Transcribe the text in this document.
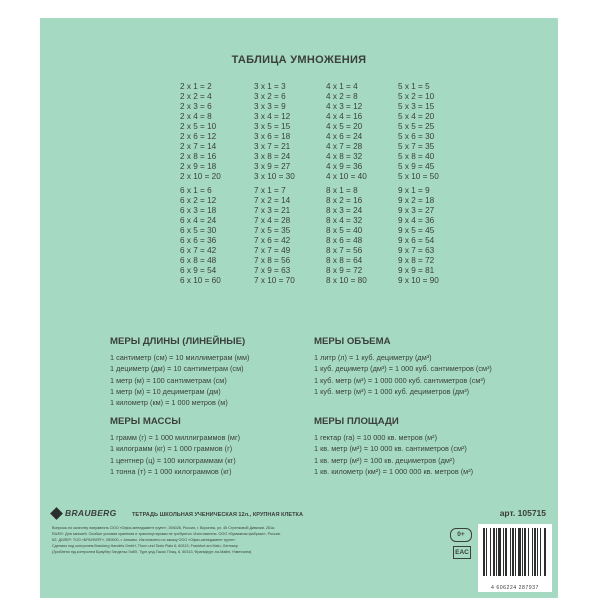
ТАБЛИЦА УМНОЖЕНИЯ
2 x 1 = 2
2 x 2 = 4
2 x 3 = 6
2 x 4 = 8
2 x 5 = 10
2 x 6 = 12
2 x 7 = 14
2 x 8 = 16
2 x 9 = 18
2 x 10 = 20
3 x 1 = 3
3 x 2 = 6
3 x 3 = 9
3 x 4 = 12
3 x 5 = 15
3 x 6 = 18
3 x 7 = 21
3 x 8 = 24
3 x 9 = 27
3 x 10 = 30
4 x 1 = 4
4 x 2 = 8
4 x 3 = 12
4 x 4 = 16
4 x 5 = 20
4 x 6 = 24
4 x 7 = 28
4 x 8 = 32
4 x 9 = 36
4 x 10 = 40
5 x 1 = 5
5 x 2 = 10
5 x 3 = 15
5 x 4 = 20
5 x 5 = 25
5 x 6 = 30
5 x 7 = 35
5 x 8 = 40
5 x 9 = 45
5 x 10 = 50
6 x 1 = 6
6 x 2 = 12
6 x 3 = 18
6 x 4 = 24
6 x 5 = 30
6 x 6 = 36
6 x 7 = 42
6 x 8 = 48
6 x 9 = 54
6 x 10 = 60
7 x 1 = 7
7 x 2 = 14
7 x 3 = 21
7 x 4 = 28
7 x 5 = 35
7 x 6 = 42
7 x 7 = 49
7 x 8 = 56
7 x 9 = 63
7 x 10 = 70
8 x 1 = 8
8 x 2 = 16
8 x 3 = 24
8 x 4 = 32
8 x 5 = 40
8 x 6 = 48
8 x 7 = 56
8 x 8 = 64
8 x 9 = 72
8 x 10 = 80
9 x 1 = 9
9 x 2 = 18
9 x 3 = 27
9 x 4 = 36
9 x 5 = 45
9 x 6 = 54
9 x 7 = 63
9 x 8 = 72
9 x 9 = 81
9 x 10 = 90
МЕРЫ ДЛИНЫ (ЛИНЕЙНЫЕ)
1 сантиметр (см) = 10 миллиметрам (мм)
1 дециметр (дм) = 10 сантиметрам (см)
1 метр (м) = 100 сантиметрам (см)
1 метр (м) = 10 дециметрам (дм)
1 километр (км) = 1 000 метров (м)
МЕРЫ ОБЪЕМА
1 литр (л) = 1 куб. дециметру (дм³)
1 куб. дециметр (дм³) = 1 000 куб. сантиметров (см³)
1 куб. метр (м³) = 1 000 000 куб. сантиметров (см³)
1 куб. метр (м³) = 1 000 куб. дециметров (дм³)
МЕРЫ МАССЫ
1 грамм (г) = 1 000 миллиграммов (мг)
1 килограмм (кг) = 1 000 граммов (г)
1 центнер (ц) = 100 килограммам (кг)
1 тонна (т) = 1 000 килограммов (кг)
МЕРЫ ПЛОЩАДИ
1 гектар (га) = 10 000 кв. метров (м²)
1 кв. метр (м²) = 10 000 кв. сантиметров (см²)
1 кв. метр (м²) = 100 кв. дециметров (дм²)
1 кв. километр (км²) = 1 000 000 кв. метров (м²)
BRAUBERG	ТЕТРАДЬ ШКОЛЬНАЯ УЧЕНИЧЕСКАЯ 12л., КРУПНАЯ КЛЕТКА	арт. 105715
Вопросы по качеству направлять ООО «Офис-менеджмент групп», 394026, Россия, г. Воронеж, ул. 45 Стрелковой Дивизии, 261а.
RU/BY: Для записей. Особые условия хранения и транспортировки не требуются. Изготовитель: ООО «Бумажная фабрика», Россия.
КZ: ДИЛЕР: ТОО «БРАУБЕРГ», 050000, г. Алматы. Изготовлено по заказу ООО «Офис-менеджмент групп».
Сделано под контролем Brauberg Handels GmbH, Thurn und Taxis Platz 6, 60313, Frankfurt am Main, Germany.
(Зроблено під контролем Браубер Гандельс ГмбХ, Турн-унд-Таксіс Плац, 6, 60313, Франкфурт-на-Майні, Німеччина)
0+
EAC
4 606224 287937
